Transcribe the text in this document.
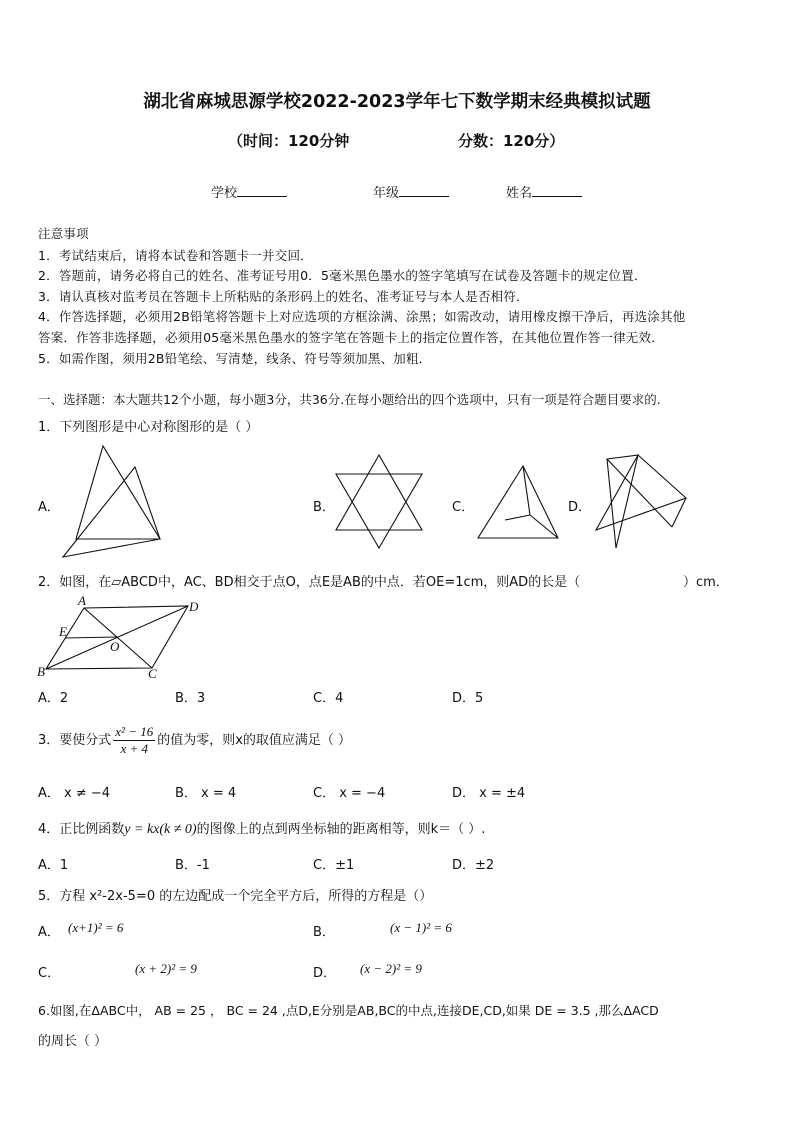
湖北省麻城思源学校2022-2023学年七下数学期末经典模拟试题
（时间：120分钟	分数：120分）
学校	年级	姓名
注意事项
1．考试结束后，请将本试卷和答题卡一并交回．
2．答题前，请务必将自己的姓名、准考证号用0．5毫米黑色墨水的签字笔填写在试卷及答题卡的规定位置．
3．请认真核对监考员在答题卡上所粘贴的条形码上的姓名、准考证号与本人是否相符．
4．作答选择题，必须用2B铅笔将答题卡上对应选项的方框涂满、涂黑；如需改动，请用橡皮擦干净后，再选涂其他
答案．作答非选择题，必须用05毫米黑色墨水的签字笔在答题卡上的指定位置作答，在其他位置作答一律无效．
5．如需作图，须用2B铅笔绘、写清楚，线条、符号等须加黑、加粗．
一、选择题：本大题共12个小题，每小题3分，共36分.在每小题给出的四个选项中，只有一项是符合题目要求的.
1．下列图形是中心对称图形的是（ ）
A．	B．	C．	D．
2．如图，在▱ABCD中，AC、BD相交于点O，点E是AB的中点．若OE=1cm，则AD的长是（	）cm．
A	D
E
O
B	C
A．2	B．3	C．4	D．5
3．要使分式 $\frac{\text{x² − 16}}{x + 4}$ 的值为零，则x的取值应满足（ ）
A． x ≠ −4	B． x = 4	C． x = −4	D． x = ±4
4．正比例函数y = kx(k ≠ 0)的图像上的点到两坐标轴的距离相等，则k＝（ ）.
A．1	B．-1	C．±1	D．±2
5．方程 x²-2x-5=0 的左边配成一个完全平方后，所得的方程是（）
A． (x+1)² = 6	B．	(x − 1)² = 6
C．	(x + 2)² = 9	D． (x − 2)² = 9
6.如图,在ΔABC中， AB = 25 ， BC = 24 ,点D,E分别是AB,BC的中点,连接DE,CD,如果 DE = 3.5 ,那么ΔACD
的周长（ ）
